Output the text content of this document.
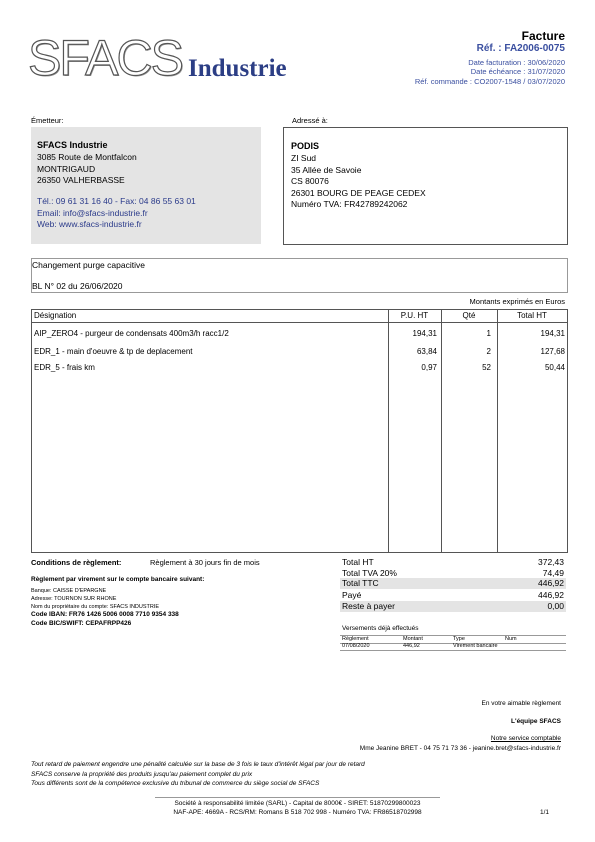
SFACS Industrie
Facture
Réf. : FA2006-0075
Date facturation : 30/06/2020
Date échéance : 31/07/2020
Réf. commande : CO2007-1548 / 03/07/2020
Émetteur:
SFACS Industrie
3085 Route de Montfalcon
MONTRIGAUD
26350 VALHERBASSE
Tél.: 09 61 31 16 40 - Fax: 04 86 55 63 01
Email: info@sfacs-industrie.fr
Web: www.sfacs-industrie.fr
Adressé à:
PODIS
ZI Sud
35 Allée de Savoie
CS 80076
26301 BOURG DE PEAGE CEDEX
Numéro TVA: FR42789242062
Changement purge capacitive
BL N° 02 du 26/06/2020
Montants exprimés en Euros
Désignation	P.U. HT	Qté	Total HT
AIP_ZERO4 - purgeur de condensats 400m3/h racc1/2	194,31	1	194,31
EDR_1 - main d'oeuvre & tp de deplacement	63,84	2	127,68
EDR_5 - frais km	0,97	52	50,44
Conditions de règlement:	Règlement à 30 jours fin de mois
Règlement par virement sur le compte bancaire suivant:
Banque: CAISSE D'EPARGNE
Adresse: TOURNON SUR RHONE
Nom du propriétaire du compte: SFACS INDUSTRIE
Code IBAN: FR76 1426 5006 0008 7710 9354 338
Code BIC/SWIFT: CEPAFRPP426
Total HT	372,43
Total TVA 20%	74,49
Total TTC	446,92
Payé	446,92
Reste à payer	0,00
Versements déjà effectués
Règlement	Montant	Type	Num
07/08/2020	446,92	Virement bancaire
En votre aimable règlement
L'équipe SFACS
Notre service comptable
Mme Jeanine BRET - 04 75 71 73 36 - jeanine.bret@sfacs-industrie.fr
Tout retard de paiement engendre une pénalité calculée sur la base de 3 fois le taux d'intérêt légal par jour de retard
SFACS conserve la propriété des produits jusqu'au paiement complet du prix
Tous différents sont de la compétence exclusive du tribunal de commerce du siège social de SFACS
Société à responsabilité limitée (SARL) - Capital de 8000€ - SIRET: 51870299800023
NAF-APE: 4669A - RCS/RM: Romans B 518 702 998 - Numéro TVA: FR86518702998	1/1
